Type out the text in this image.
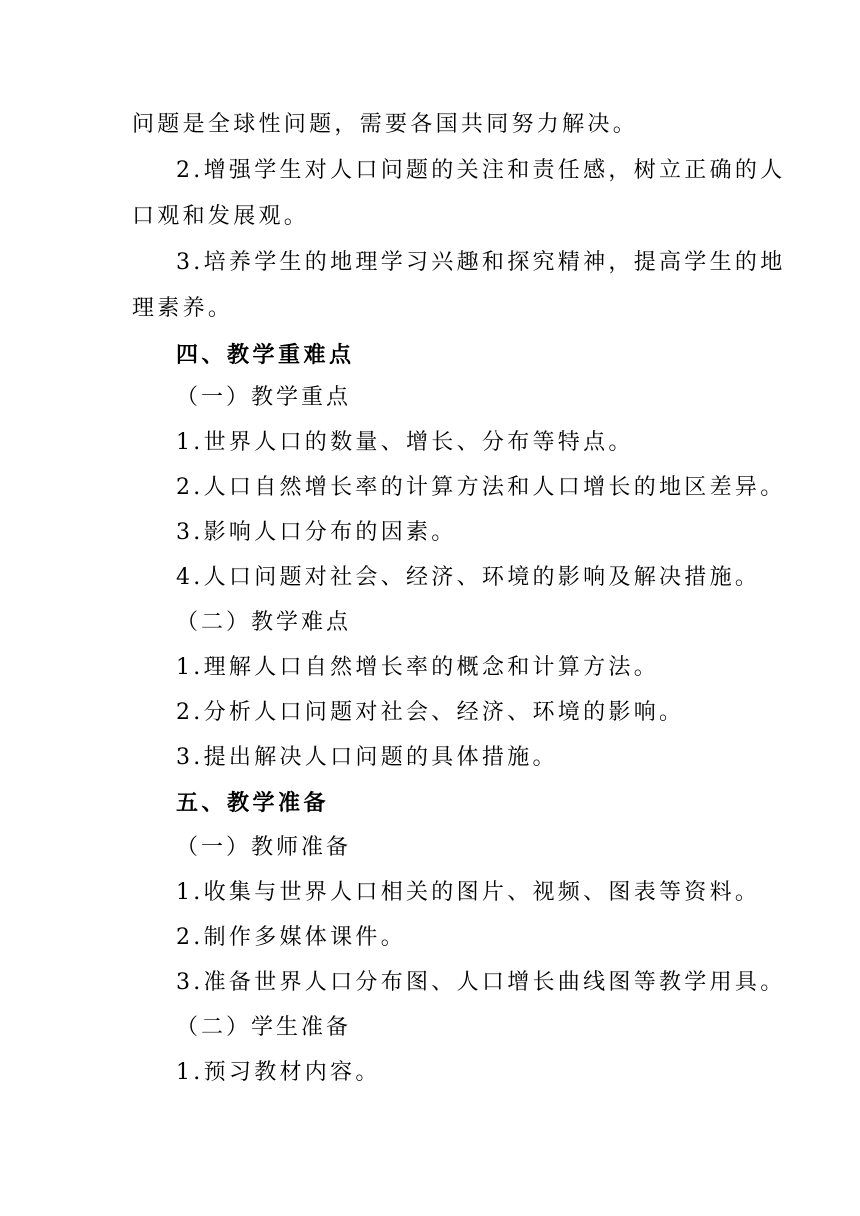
问题是全球性问题，需要各国共同努力解决。
2.增强学生对人口问题的关注和责任感，树立正确的人
口观和发展观。
3.培养学生的地理学习兴趣和探究精神，提高学生的地
理素养。
四、教学重难点
（一）教学重点
1.世界人口的数量、增长、分布等特点。
2.人口自然增长率的计算方法和人口增长的地区差异。
3.影响人口分布的因素。
4.人口问题对社会、经济、环境的影响及解决措施。
（二）教学难点
1.理解人口自然增长率的概念和计算方法。
2.分析人口问题对社会、经济、环境的影响。
3.提出解决人口问题的具体措施。
五、教学准备
（一）教师准备
1.收集与世界人口相关的图片、视频、图表等资料。
2.制作多媒体课件。
3.准备世界人口分布图、人口增长曲线图等教学用具。
（二）学生准备
1.预习教材内容。
